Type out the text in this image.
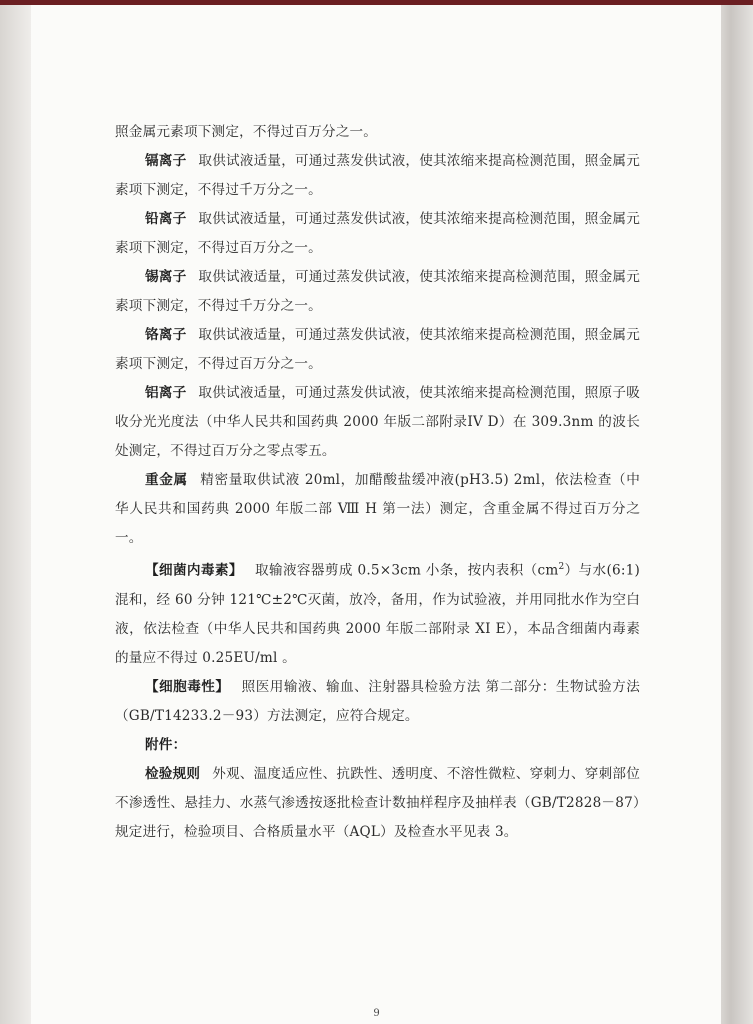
照金属元素项下测定，不得过百万分之一。

镉离子 取供试液适量，可通过蒸发供试液，使其浓缩来提高检测范围，照金属元素项下测定，不得过千万分之一。

铅离子 取供试液适量，可通过蒸发供试液，使其浓缩来提高检测范围，照金属元素项下测定，不得过百万分之一。

锡离子 取供试液适量，可通过蒸发供试液，使其浓缩来提高检测范围，照金属元素项下测定，不得过千万分之一。

铬离子 取供试液适量，可通过蒸发供试液，使其浓缩来提高检测范围，照金属元素项下测定，不得过百万分之一。

铝离子 取供试液适量，可通过蒸发供试液，使其浓缩来提高检测范围，照原子吸收分光光度法（中华人民共和国药典 2000 年版二部附录IV D）在 309.3nm 的波长处测定，不得过百万分之零点零五。

重金属 精密量取供试液 20ml，加醋酸盐缓冲液(pH3.5) 2ml，依法检查（中华人民共和国药典 2000 年版二部 Ⅷ H 第一法）测定，含重金属不得过百万分之一。

【细菌内毒素】 取输液容器剪成 0.5×3cm 小条，按内表积$(cm^2)$与水(6:1)混和，经 60 分钟 121℃±2℃灭菌，放冷，备用，作为试验液，并用同批水作为空白液，依法检查（中华人民共和国药典 2000 年版二部附录 XI E），本品含细菌内毒素的量应不得过 0.25EU/ml 。

【细胞毒性】 照医用输液、输血、注射器具检验方法 第二部分：生物试验方法（GB/T14233.2－93）方法测定，应符合规定。

附件：

检验规则 外观、温度适应性、抗跌性、透明度、不溶性微粒、穿刺力、穿刺部位不渗透性、悬挂力、水蒸气渗透按逐批检查计数抽样程序及抽样表（GB/T2828－87）规定进行，检验项目、合格质量水平（AQL）及检查水平见表 3。

9
